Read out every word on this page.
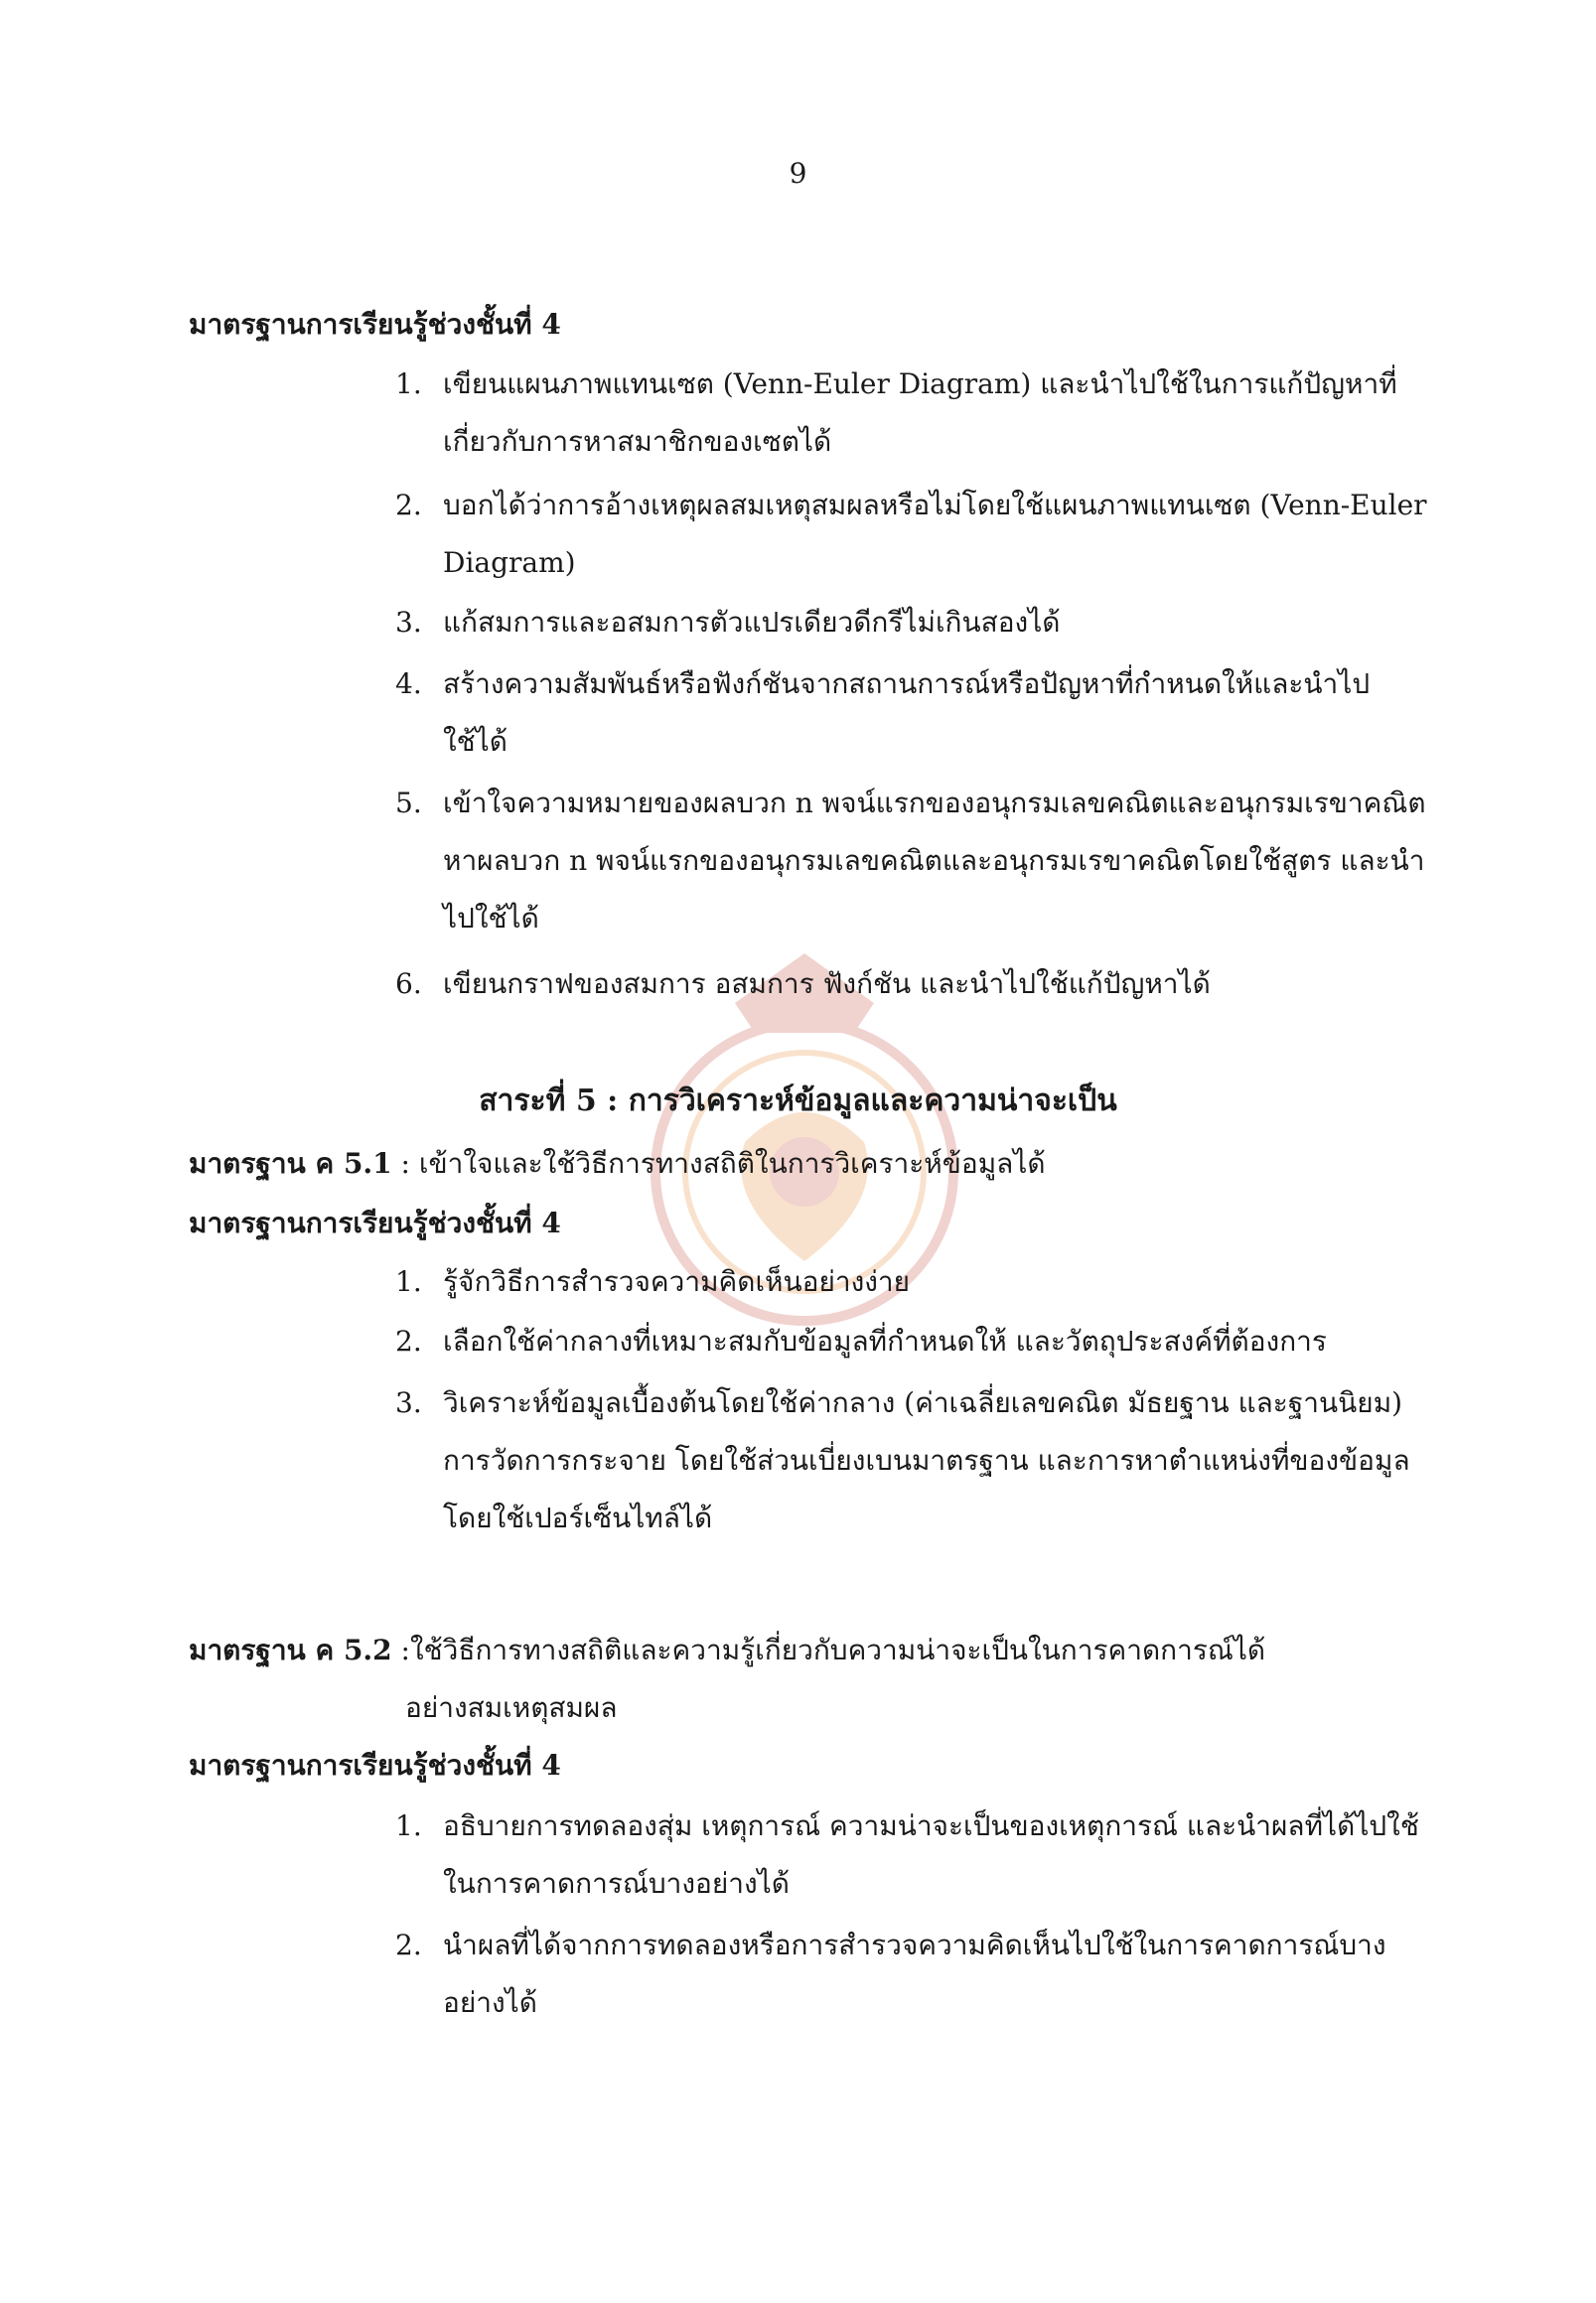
9
มาตรฐานการเรียนรู้ช่วงชั้นที่ 4
1. เขียนแผนภาพแทนเซต (Venn-Euler Diagram) และนำไปใช้ในการแก้ปัญหาที่เกี่ยวกับการหาสมาชิกของเซตได้
2. บอกได้ว่าการอ้างเหตุผลสมเหตุสมผลหรือไม่โดยใช้แผนภาพแทนเซต (Venn-Euler Diagram)
3. แก้สมการและอสมการตัวแปรเดียวดีกรีไม่เกินสองได้
4. สร้างความสัมพันธ์หรือฟังก์ชันจากสถานการณ์หรือปัญหาที่กำหนดให้และนำไปใช้ได้
5. เข้าใจความหมายของผลบวก n พจน์แรกของอนุกรมเลขคณิตและอนุกรมเรขาคณิต หาผลบวก n พจน์แรกของอนุกรมเลขคณิตและอนุกรมเรขาคณิตโดยใช้สูตร และนำไปใช้ได้
6. เขียนกราฟของสมการ อสมการ ฟังก์ชัน และนำไปใช้แก้ปัญหาได้
สาระที่ 5 : การวิเคราะห์ข้อมูลและความน่าจะเป็น
มาตรฐาน ค 5.1 : เข้าใจและใช้วิธีการทางสถิติในการวิเคราะห์ข้อมูลได้
มาตรฐานการเรียนรู้ช่วงชั้นที่ 4
1. รู้จักวิธีการสำรวจความคิดเห็นอย่างง่าย
2. เลือกใช้ค่ากลางที่เหมาะสมกับข้อมูลที่กำหนดให้ และวัตถุประสงค์ที่ต้องการ
3. วิเคราะห์ข้อมูลเบื้องต้นโดยใช้ค่ากลาง (ค่าเฉลี่ยเลขคณิต มัธยฐาน และฐานนิยม) การวัดการกระจาย โดยใช้ส่วนเบี่ยงเบนมาตรฐาน และการหาตำแหน่งที่ของข้อมูลโดยใช้เปอร์เซ็นไทล์ได้
มาตรฐาน ค 5.2 :ใช้วิธีการทางสถิติและความรู้เกี่ยวกับความน่าจะเป็นในการคาดการณ์ได้
อย่างสมเหตุสมผล
มาตรฐานการเรียนรู้ช่วงชั้นที่ 4
1. อธิบายการทดลองสุ่ม เหตุการณ์ ความน่าจะเป็นของเหตุการณ์ และนำผลที่ได้ไปใช้ในการคาดการณ์บางอย่างได้
2. นำผลที่ได้จากการทดลองหรือการสำรวจความคิดเห็นไปใช้ในการคาดการณ์บางอย่างได้
